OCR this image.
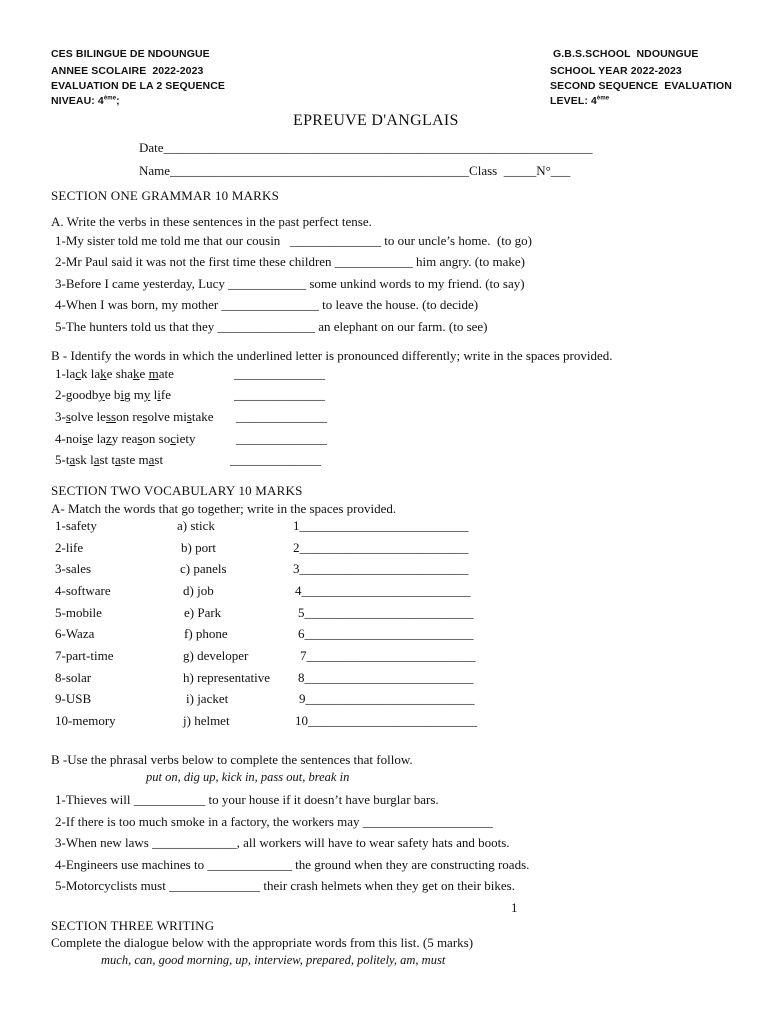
CES BILINGUE DE NDOUNGUE
ANNEE SCOLAIRE  2022-2023
EVALUATION DE LA 2 SEQUENCE
NIVEAU: 4ème;
G.B.S.SCHOOL  NDOUNGUE
SCHOOL YEAR 2022-2023
SECOND SEQUENCE  EVALUATION
LEVEL: 4ème
EPREUVE D'ANGLAIS
Date__________________________________________________________________
Name______________________________________________Class  _____N°___
SECTION ONE GRAMMAR 10 MARKS
A. Write the verbs in these sentences in the past perfect tense.
1-My sister told me told me that our cousin   ______________ to our uncle’s home.  (to go)
2-Mr Paul said it was not the first time these children ____________ him angry. (to make)
3-Before I came yesterday, Lucy ____________ some unkind words to my friend. (to say)
4-When I was born, my mother _______________ to leave the house. (to decide)
5-The hunters told us that they _______________ an elephant on our farm. (to see)
B - Identify the words in which the underlined letter is pronounced differently; write in the spaces provided.
1-lack lake shake mate	______________
2-goodbye big my life	______________
3-solve lesson resolve mistake ______________
4-noise lazy reason society	______________
5-task last taste mast	______________
SECTION TWO VOCABULARY 10 MARKS
A- Match the words that go together; write in the spaces provided.
1-safety	a) stick	1__________________________
2-life	b) port	2__________________________
3-sales	c) panels	3__________________________
4-software	d) job	4__________________________
5-mobile	e) Park	5__________________________
6-Waza	f) phone	6__________________________
7-part-time	g) developer	7__________________________
8-solar	h) representative 8__________________________
9-USB	i) jacket	9__________________________
10-memory	j) helmet	10__________________________
B -Use the phrasal verbs below to complete the sentences that follow.
put on, dig up, kick in, pass out, break in
1-Thieves will ___________ to your house if it doesn’t have burglar bars.
2-If there is too much smoke in a factory, the workers may ____________________
3-When new laws _____________, all workers will have to wear safety hats and boots.
4-Engineers use machines to _____________ the ground when they are constructing roads.
5-Motorcyclists must ______________ their crash helmets when they get on their bikes.
1
SECTION THREE WRITING
Complete the dialogue below with the appropriate words from this list. (5 marks)
much, can, good morning, up, interview, prepared, politely, am, must
